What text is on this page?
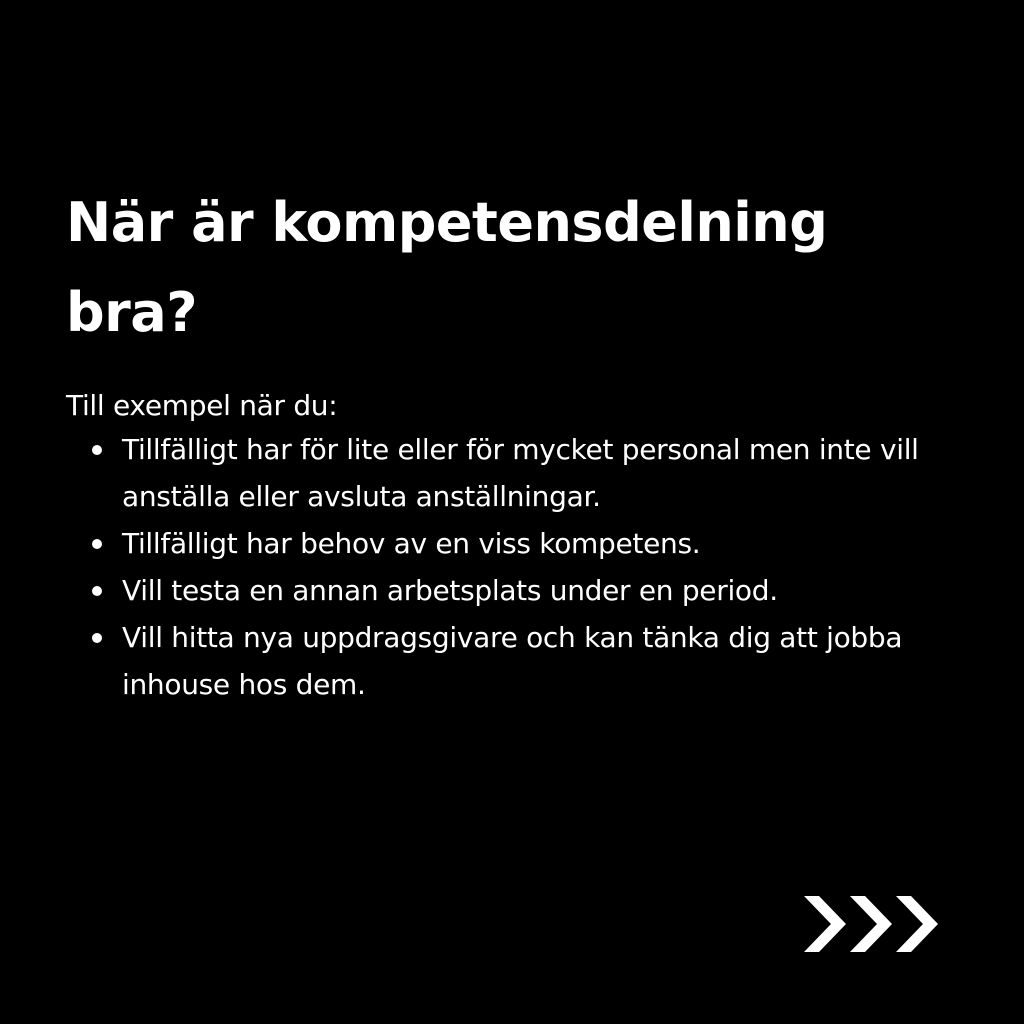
När är kompetensdelning bra?

Till exempel när du:

Tillfälligt har för lite eller för mycket personal men inte vill anställa eller avsluta anställningar.
Tillfälligt har behov av en viss kompetens.
Vill testa en annan arbetsplats under en period.
Vill hitta nya uppdragsgivare och kan tänka dig att jobba inhouse hos dem.
